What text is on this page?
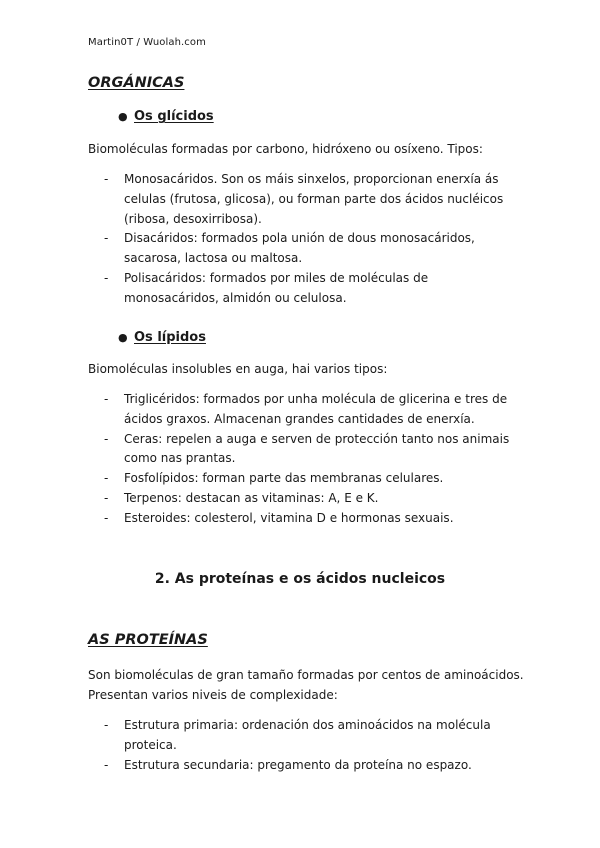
Martin0T / Wuolah.com
ORGÁNICAS
● Os glícidos
Biomoléculas formadas por carbono, hidróxeno ou osíxeno. Tipos:
- Monosacáridos. Son os máis sinxelos, proporcionan enerxía ás celulas (frutosa, glicosa), ou forman parte dos ácidos nucléicos (ribosa, desoxirribosa).
- Disacáridos: formados pola unión de dous monosacáridos, sacarosa, lactosa ou maltosa.
- Polisacáridos: formados por miles de moléculas de monosacáridos, almidón ou celulosa.
● Os lípidos
Biomoléculas insolubles en auga, hai varios tipos:
- Triglicéridos: formados por unha molécula de glicerina e tres de ácidos graxos. Almacenan grandes cantidades de enerxía.
- Ceras: repelen a auga e serven de protección tanto nos animais como nas prantas.
- Fosfolípidos: forman parte das membranas celulares.
- Terpenos: destacan as vitaminas: A, E e K.
- Esteroides: colesterol, vitamina D e hormonas sexuais.
2. As proteínas e os ácidos nucleicos
AS PROTEÍNAS
Son biomoléculas de gran tamaño formadas por centos de aminoácidos. Presentan varios niveis de complexidade:
- Estrutura primaria: ordenación dos aminoácidos na molécula proteica.
- Estrutura secundaria: pregamento da proteína no espazo.
